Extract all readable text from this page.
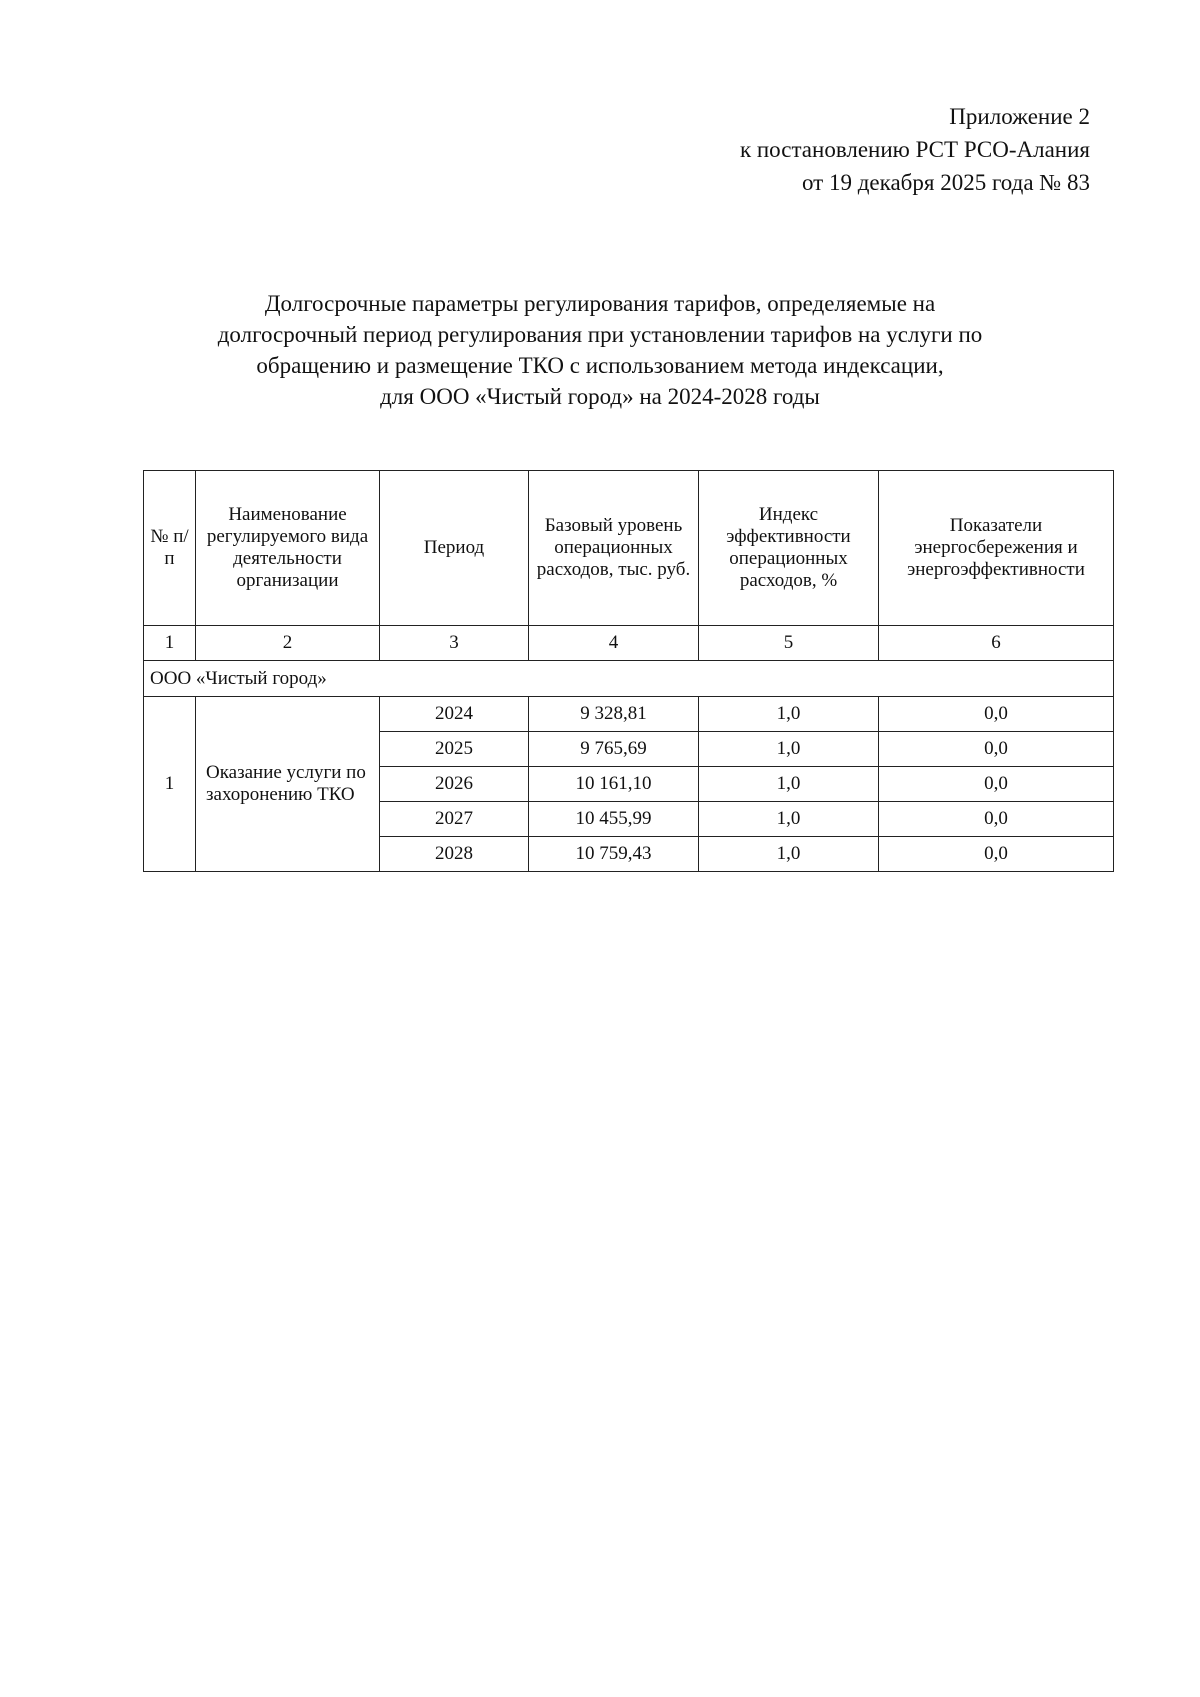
Приложение 2
к постановлению РСТ РСО-Алания
от 19 декабря 2025 года № 83
Долгосрочные параметры регулирования тарифов, определяемые на
долгосрочный период регулирования при установлении тарифов на услуги по
обращению и размещение ТКО с использованием метода индексации,
для ООО «Чистый город» на 2024-2028 годы
№ п/п	Наименование регулируемого вида деятельности организации	Период	Базовый уровень операционных расходов, тыс. руб.	Индекс эффективности операционных расходов, %	Показатели энергосбережения и энергоэффективности
1	2	3	4	5	6
ООО «Чистый город»					
1	Оказание услуги по захоронению ТКО	2024	9 328,81	1,0	0,0
		2025	9 765,69	1,0	0,0
		2026	10 161,10	1,0	0,0
		2027	10 455,99	1,0	0,0
		2028	10 759,43	1,0	0,0
